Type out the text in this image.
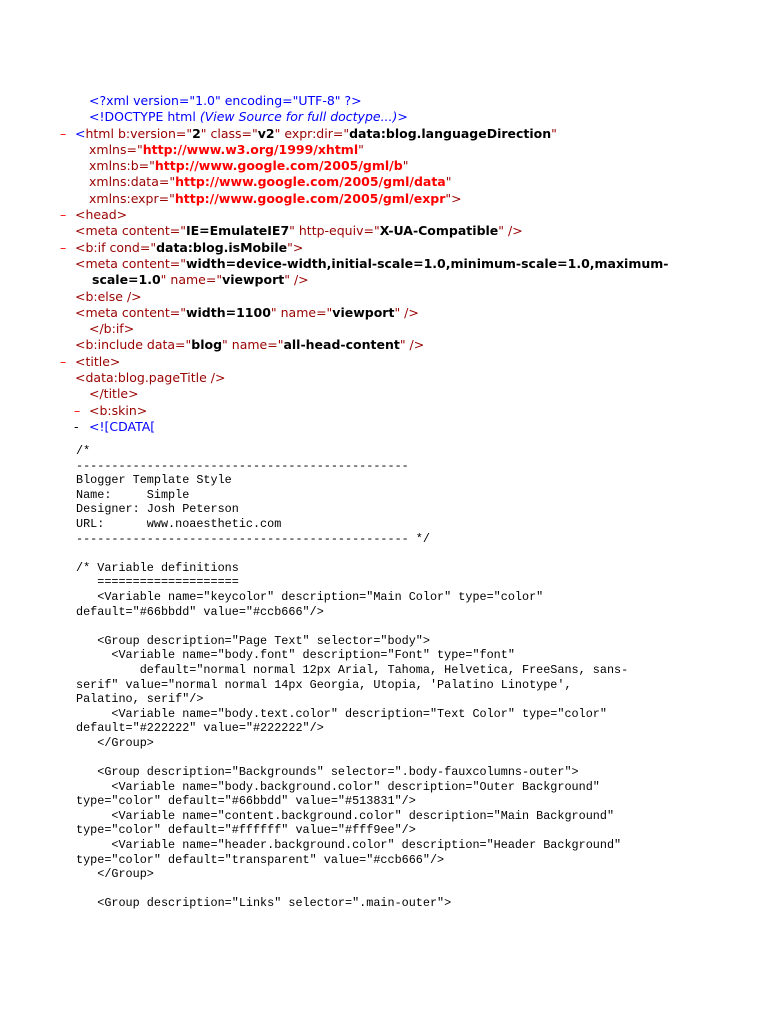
<?xml version="1.0" encoding="UTF-8" ?>
<!DOCTYPE html (View Source for full doctype...)>
– <html b:version="2" class="v2" expr:dir="data:blog.languageDirection"
xmlns="http://www.w3.org/1999/xhtml"
xmlns:b="http://www.google.com/2005/gml/b"
xmlns:data="http://www.google.com/2005/gml/data"
xmlns:expr="http://www.google.com/2005/gml/expr">
– <head>
<meta content="IE=EmulateIE7" http-equiv="X-UA-Compatible" />
– <b:if cond="data:blog.isMobile">
<meta content="width=device-width,initial-scale=1.0,minimum-scale=1.0,maximum-
scale=1.0" name="viewport" />
<b:else />
<meta content="width=1100" name="viewport" />
</b:if>
<b:include data="blog" name="all-head-content" />
– <title>
<data:blog.pageTitle />
</title>
– <b:skin>
- <![CDATA[
/*
-----------------------------------------------
Blogger Template Style
Name:     Simple
Designer: Josh Peterson
URL:      www.noaesthetic.com
----------------------------------------------- */

/* Variable definitions
====================
<Variable name="keycolor" description="Main Color" type="color"
default="#66bbdd" value="#ccb666"/>

<Group description="Page Text" selector="body">
<Variable name="body.font" description="Font" type="font"
default="normal normal 12px Arial, Tahoma, Helvetica, FreeSans, sans-
serif" value="normal normal 14px Georgia, Utopia, 'Palatino Linotype',
Palatino, serif"/>
<Variable name="body.text.color" description="Text Color" type="color"
default="#222222" value="#222222"/>
</Group>

<Group description="Backgrounds" selector=".body-fauxcolumns-outer">
<Variable name="body.background.color" description="Outer Background"
type="color" default="#66bbdd" value="#513831"/>
<Variable name="content.background.color" description="Main Background"
type="color" default="#ffffff" value="#fff9ee"/>
<Variable name="header.background.color" description="Header Background"
type="color" default="transparent" value="#ccb666"/>
</Group>

<Group description="Links" selector=".main-outer">
